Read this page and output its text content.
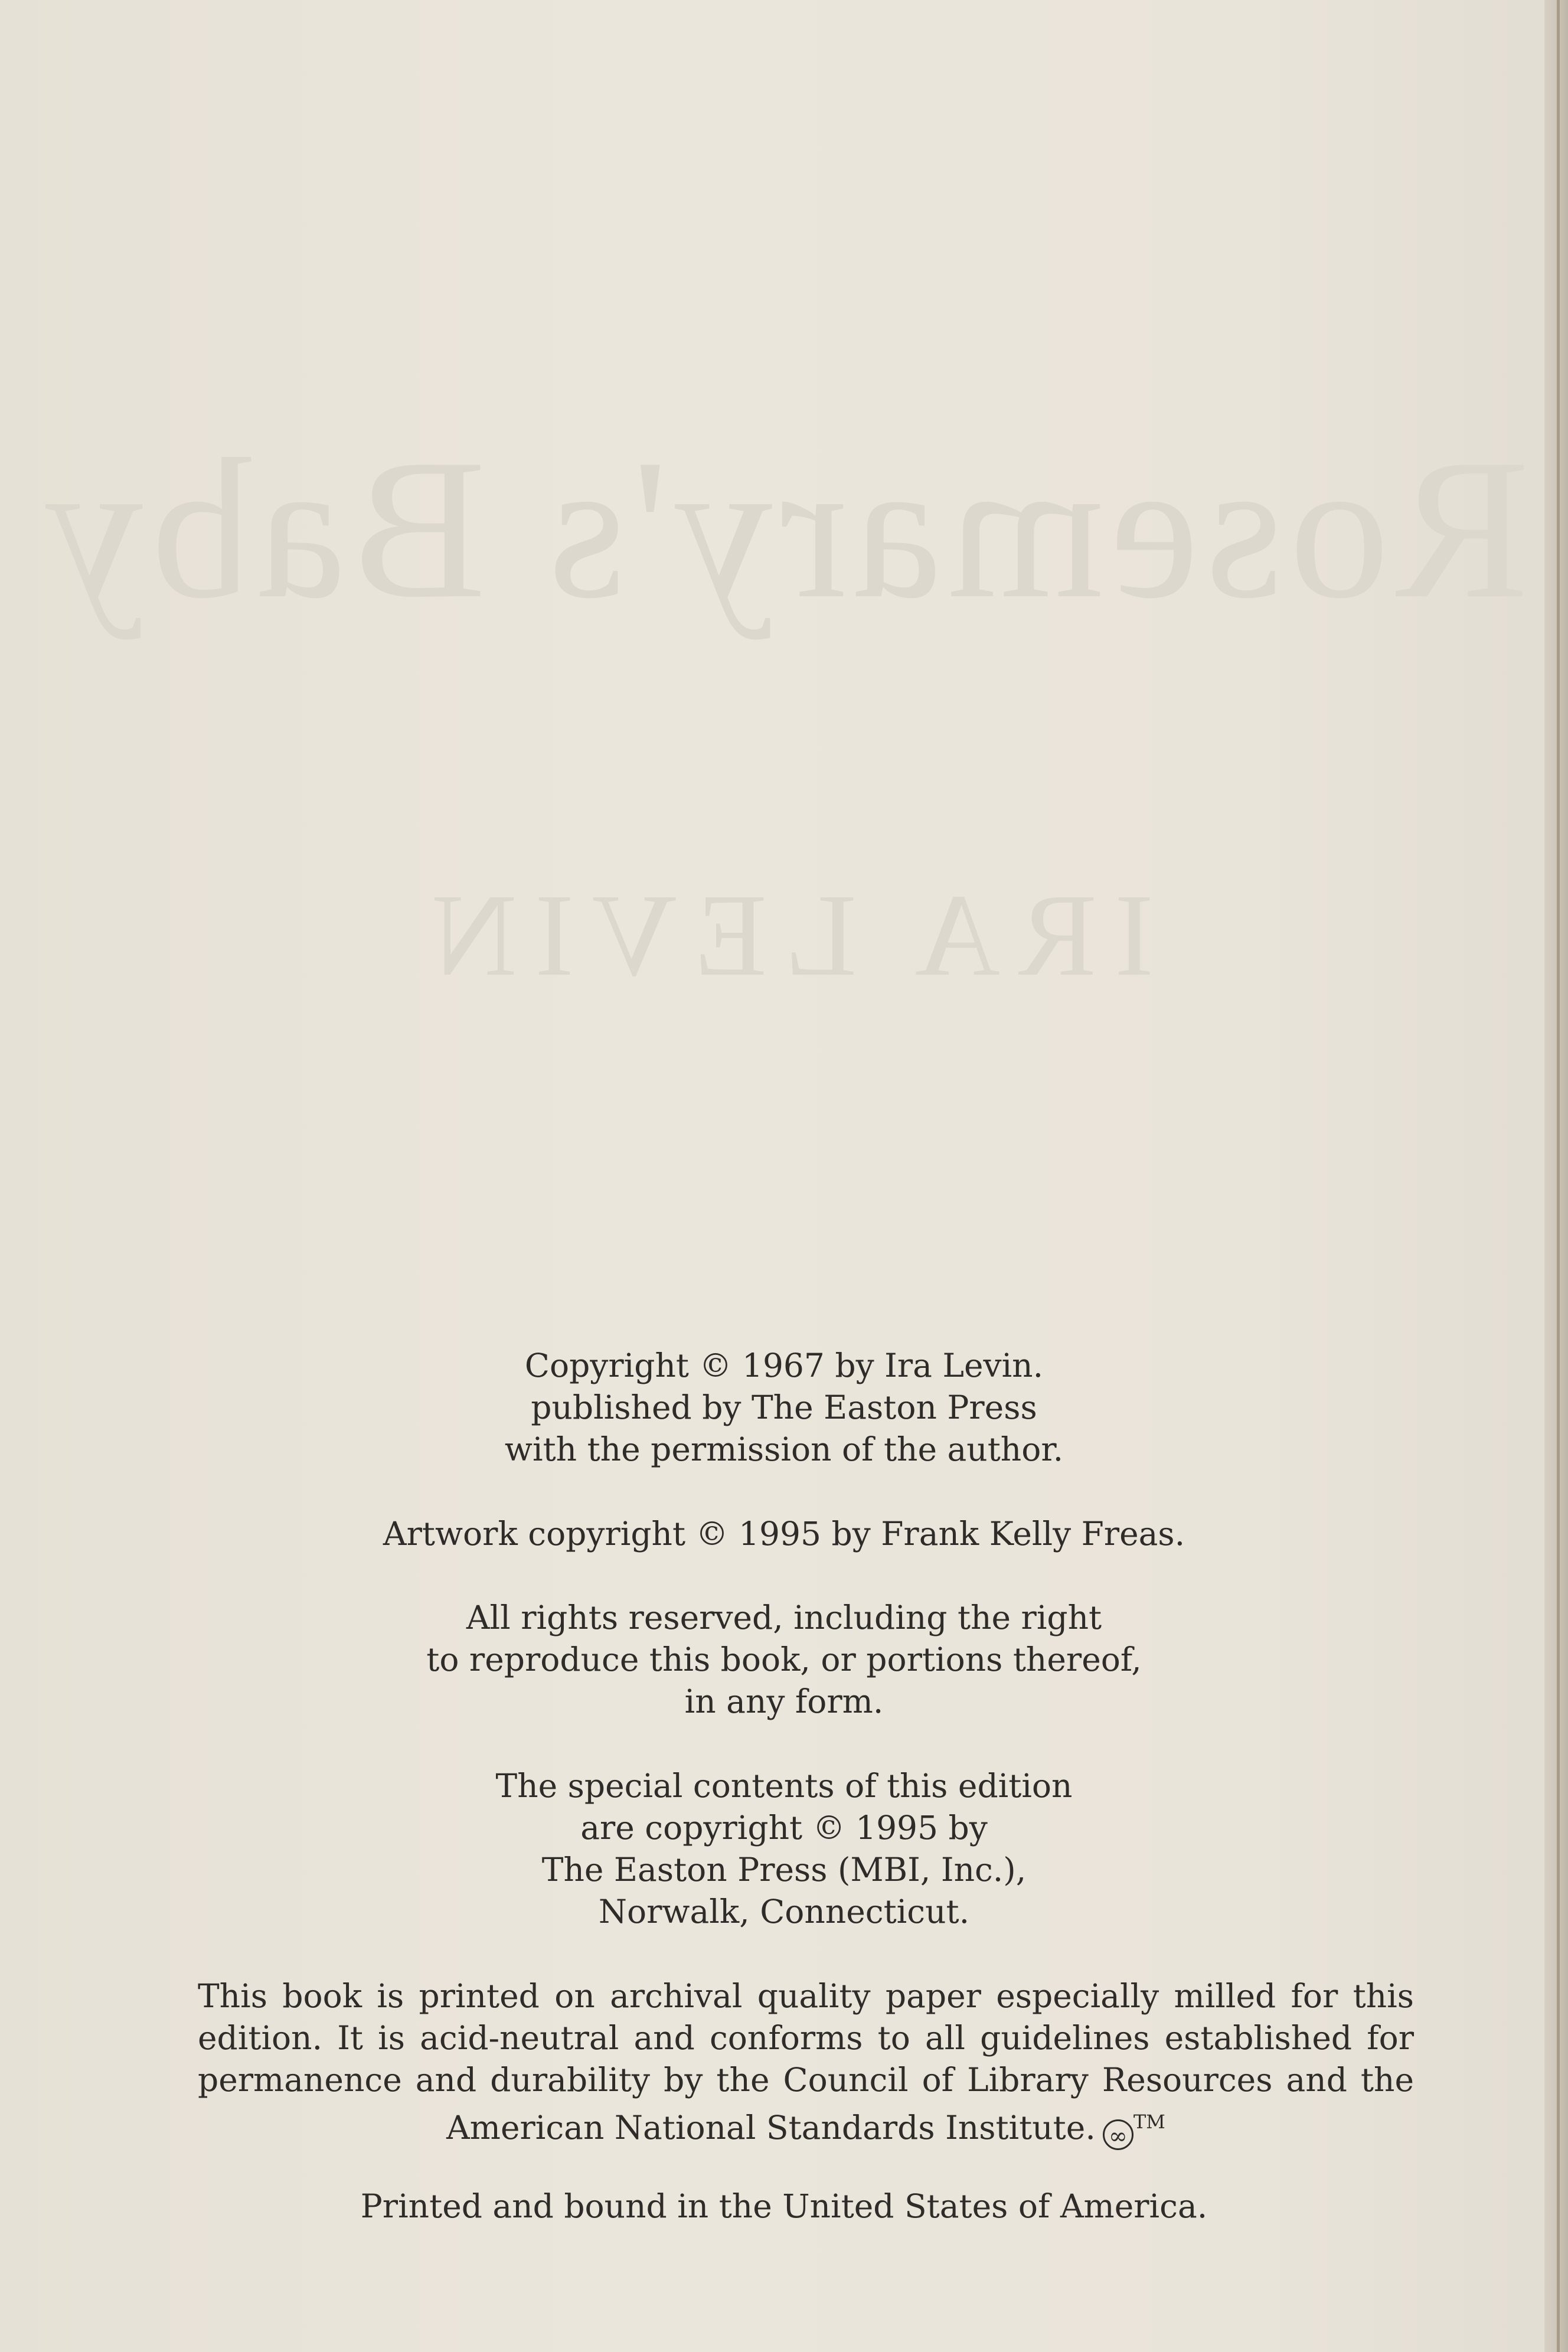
Rosemary's Baby
IRA LEVIN
Copyright © 1967 by Ira Levin.
published by The Easton Press
with the permission of the author.
Artwork copyright © 1995 by Frank Kelly Freas.
All rights reserved, including the right
to reproduce this book, or portions thereof,
in any form.
The special contents of this edition
are copyright © 1995 by
The Easton Press (MBI, Inc.),
Norwalk, Connecticut.
This book is printed on archival quality paper especially milled for this
edition. It is acid-neutral and conforms to all guidelines established for
permanence and durability by the Council of Library Resources and the
American National Standards Institute. ∞™
Printed and bound in the United States of America.
